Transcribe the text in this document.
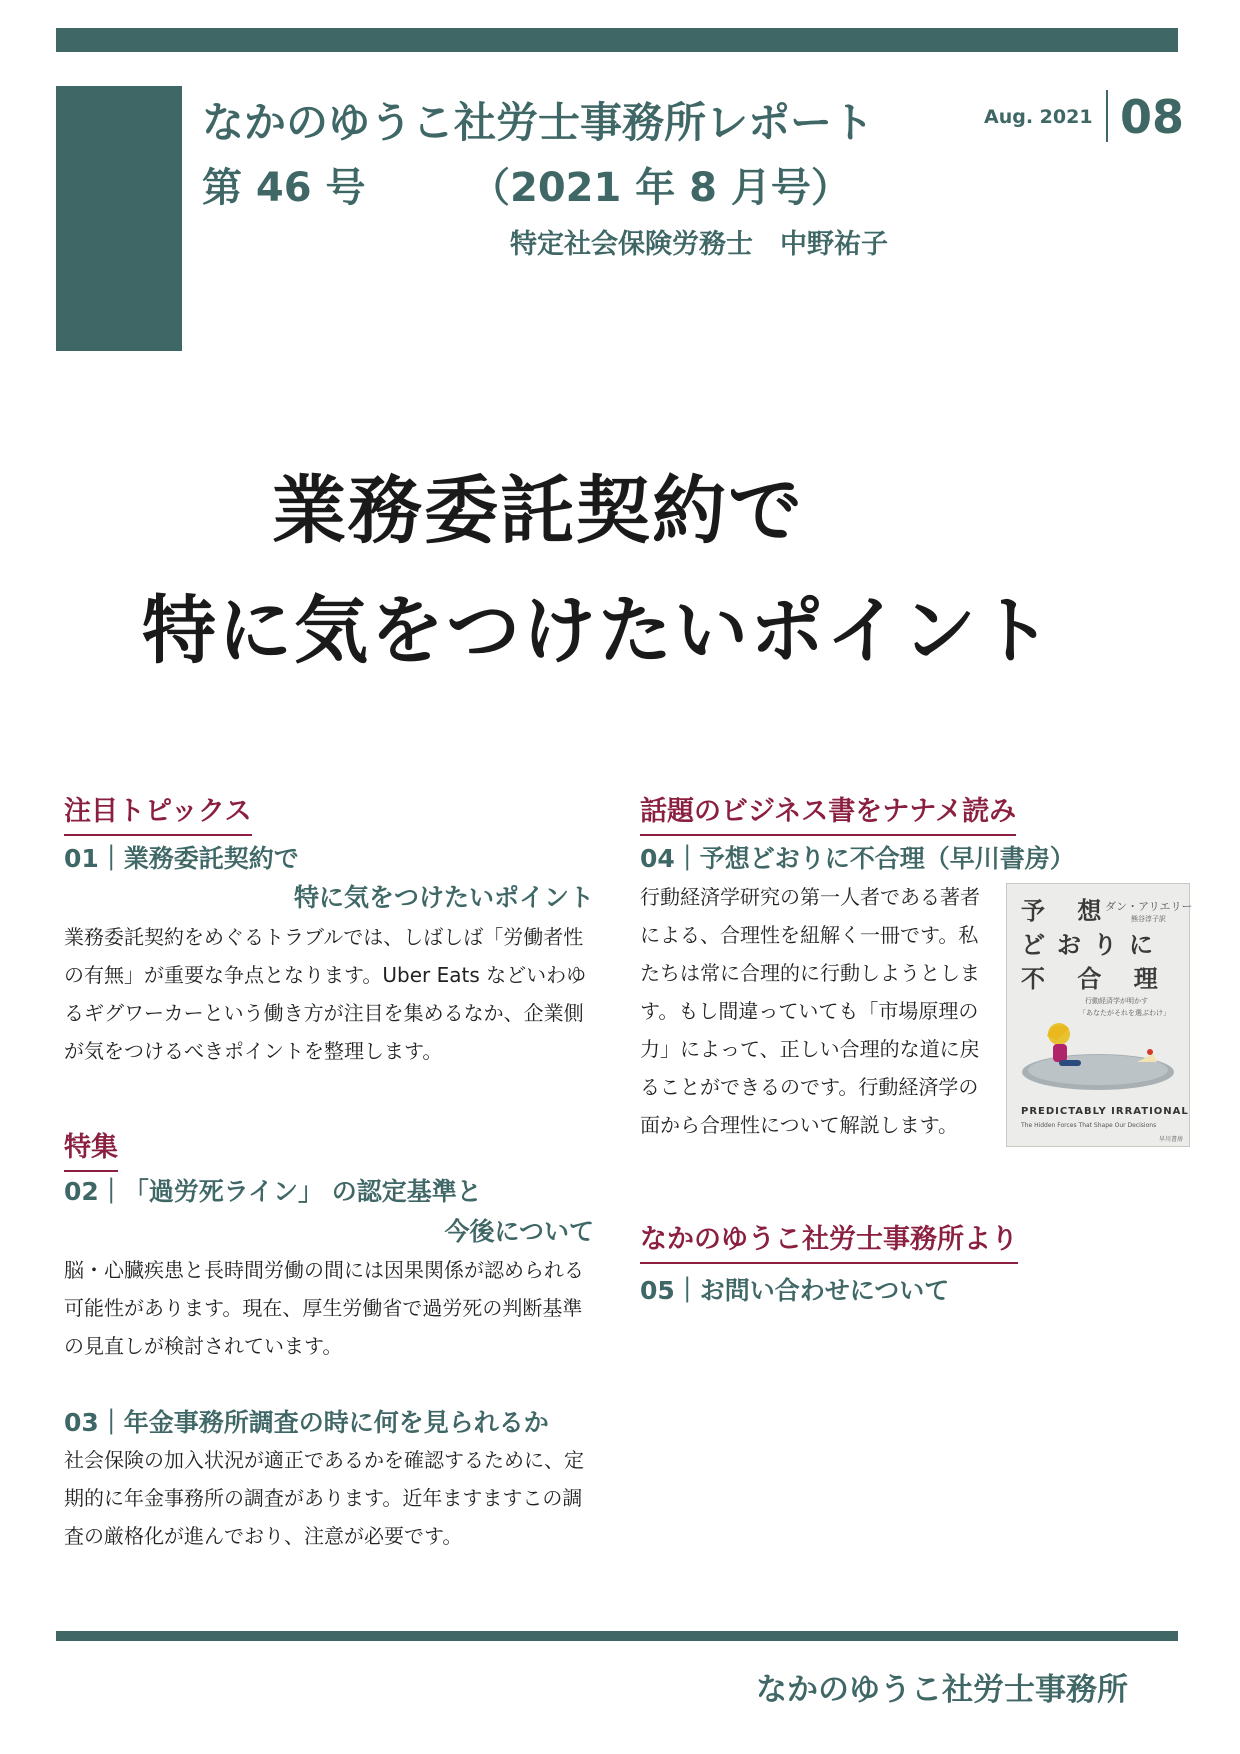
なかのゆうこ社労士事務所レポート
第 46 号	（2021 年 8 月号）
特定社会保険労務士　中野祐子
Aug. 2021 08
業務委託契約で
特に気をつけたいポイント
注目トピックス
01｜業務委託契約で
特に気をつけたいポイント
業務委託契約をめぐるトラブルでは、しばしば「労働者性の有無」が重要な争点となります。Uber Eats などいわゆるギグワーカーという働き方が注目を集めるなか、企業側が気をつけるべきポイントを整理します。
特集
02｜「過労死ライン」 の認定基準と
今後について
脳・心臓疾患と長時間労働の間には因果関係が認められる可能性があります。現在、厚生労働省で過労死の判断基準の見直しが検討されています。
03｜年金事務所調査の時に何を見られるか
社会保険の加入状況が適正であるかを確認するために、定期的に年金事務所の調査があります。近年ますますこの調査の厳格化が進んでおり、注意が必要です。
話題のビジネス書をナナメ読み
04｜予想どおりに不合理（早川書房）
行動経済学研究の第一人者である著者による、合理性を紐解く一冊です。私たちは常に合理的に行動しようとします。もし間違っていても「市場原理の力」によって、正しい合理的な道に戻ることができるのです。行動経済学の面から合理性について解説します。
予 想
どおりに
不 合 理
ダン・アリエリー
熊谷淳子訳
行動経済学が明かす
「あなたがそれを選ぶわけ」
PREDICTABLY IRRATIONAL
The Hidden Forces That Shape Our Decisions
早川書房
なかのゆうこ社労士事務所より
05｜お問い合わせについて
なかのゆうこ社労士事務所
